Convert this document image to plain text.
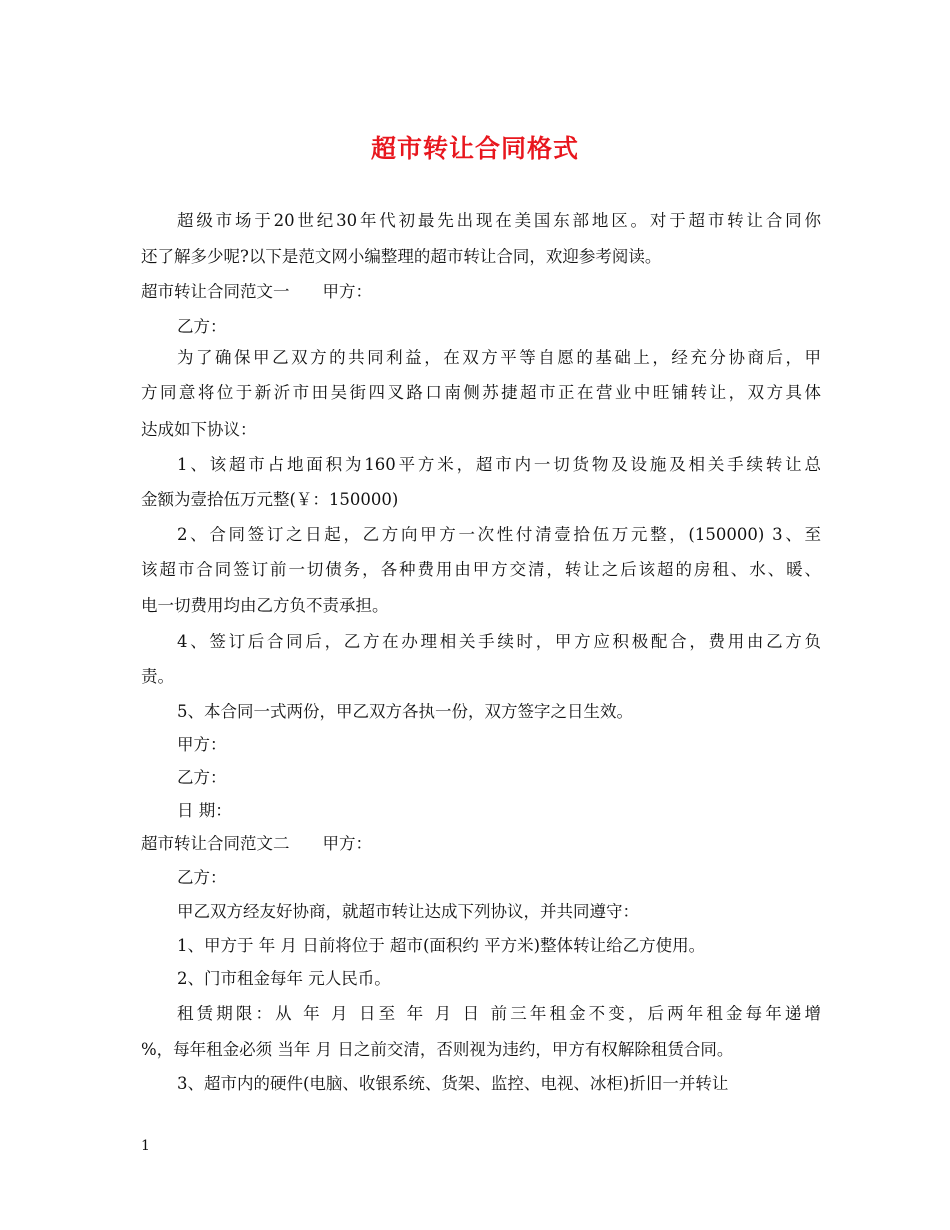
超市转让合同格式
超级市场于20世纪30年代初最先出现在美国东部地区。对于超市转让合同你
还了解多少呢?以下是范文网小编整理的超市转让合同，欢迎参考阅读。
超市转让合同范文一　　甲方：
乙方：
为了确保甲乙双方的共同利益，在双方平等自愿的基础上，经充分协商后，甲
方同意将位于新沂市田吴街四叉路口南侧苏捷超市正在营业中旺铺转让，双方具体
达成如下协议：
1、该超市占地面积为160平方米，超市内一切货物及设施及相关手续转让总
金额为壹拾伍万元整(￥：150000)
2、合同签订之日起，乙方向甲方一次性付清壹拾伍万元整，(150000) 3、至
该超市合同签订前一切债务，各种费用由甲方交清，转让之后该超的房租、水、暖、
电一切费用均由乙方负不责承担。
4、签订后合同后，乙方在办理相关手续时，甲方应积极配合，费用由乙方负
责。
5、本合同一式两份，甲乙双方各执一份，双方签字之日生效。
甲方：
乙方：
日 期：
超市转让合同范文二　　甲方：
乙方：
甲乙双方经友好协商，就超市转让达成下列协议，并共同遵守：
1、甲方于 年 月 日前将位于 超市(面积约 平方米)整体转让给乙方使用。
2、门市租金每年 元人民币。
租赁期限：从 年 月 日至 年 月 日 前三年租金不变，后两年租金每年递增
%，每年租金必须 当年 月 日之前交清，否则视为违约，甲方有权解除租赁合同。
3、超市内的硬件(电脑、收银系统、货架、监控、电视、冰柜)折旧一并转让
1
